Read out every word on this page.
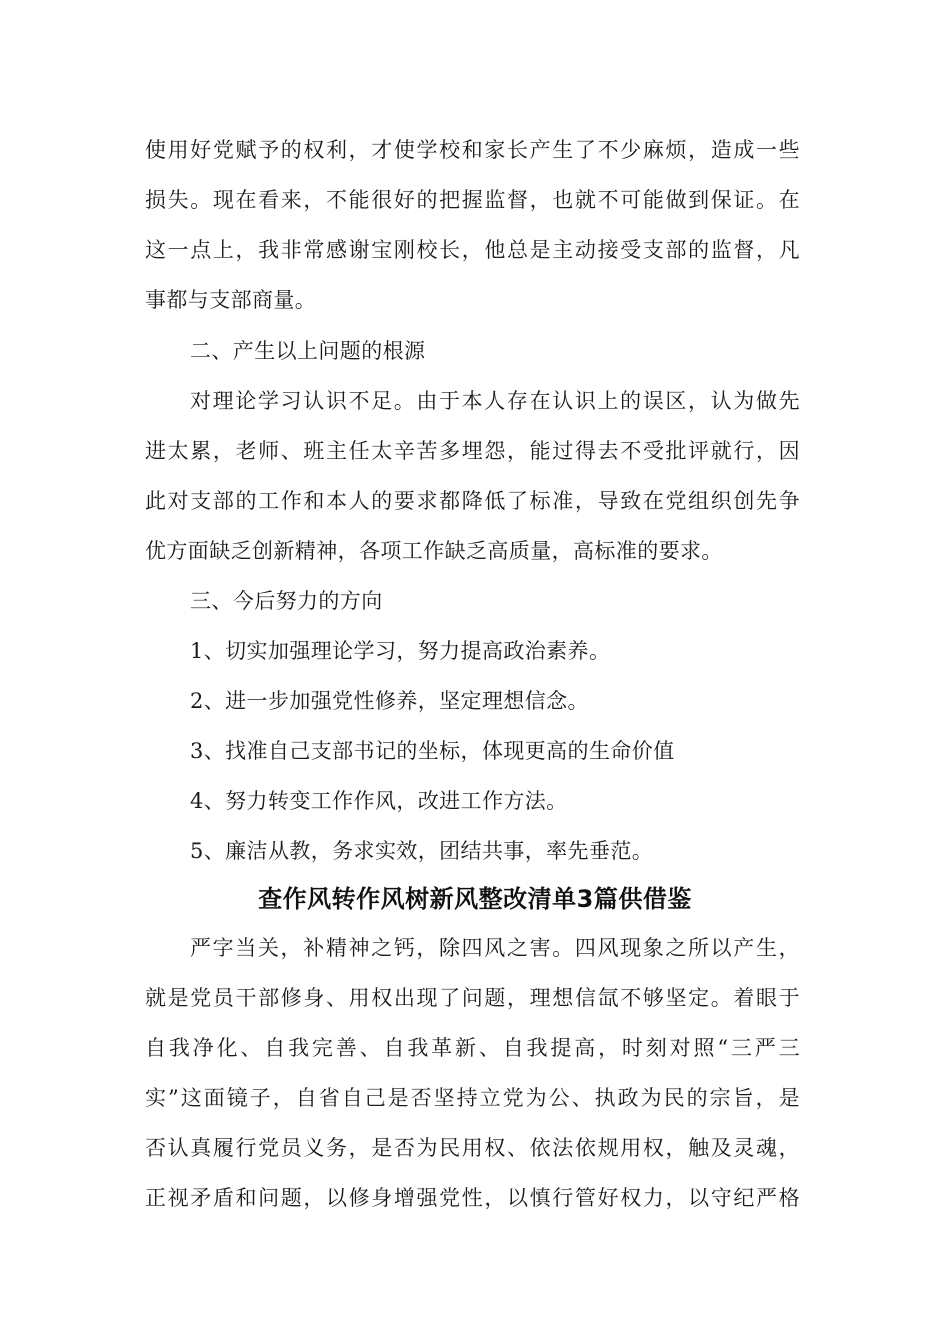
使用好党赋予的权利，才使学校和家长产生了不少麻烦，造成一些
损失。现在看来，不能很好的把握监督，也就不可能做到保证。在
这一点上，我非常感谢宝刚校长，他总是主动接受支部的监督，凡
事都与支部商量。
二、产生以上问题的根源
对理论学习认识不足。由于本人存在认识上的误区，认为做先
进太累，老师、班主任太辛苦多埋怨，能过得去不受批评就行，因
此对支部的工作和本人的要求都降低了标准，导致在党组织创先争
优方面缺乏创新精神，各项工作缺乏高质量，高标准的要求。
三、今后努力的方向
1、切实加强理论学习，努力提高政治素养。
2、进一步加强党性修养，坚定理想信念。
3、找准自己支部书记的坐标，体现更高的生命价值
4、努力转变工作作风，改进工作方法。
5、廉洁从教，务求实效，团结共事，率先垂范。
查作风转作风树新风整改清单3篇供借鉴
严字当关，补精神之钙，除四风之害。四风现象之所以产生，
就是党员干部修身、用权出现了问题，理想信氙不够坚定。着眼于
自我净化、自我完善、自我革新、自我提高，时刻对照“三严三
实”这面镜子，自省自己是否坚持立党为公、执政为民的宗旨，是
否认真履行党员义务，是否为民用权、依法依规用权，触及灵魂，
正视矛盾和问题，以修身增强党性，以慎行管好权力，以守纪严格
